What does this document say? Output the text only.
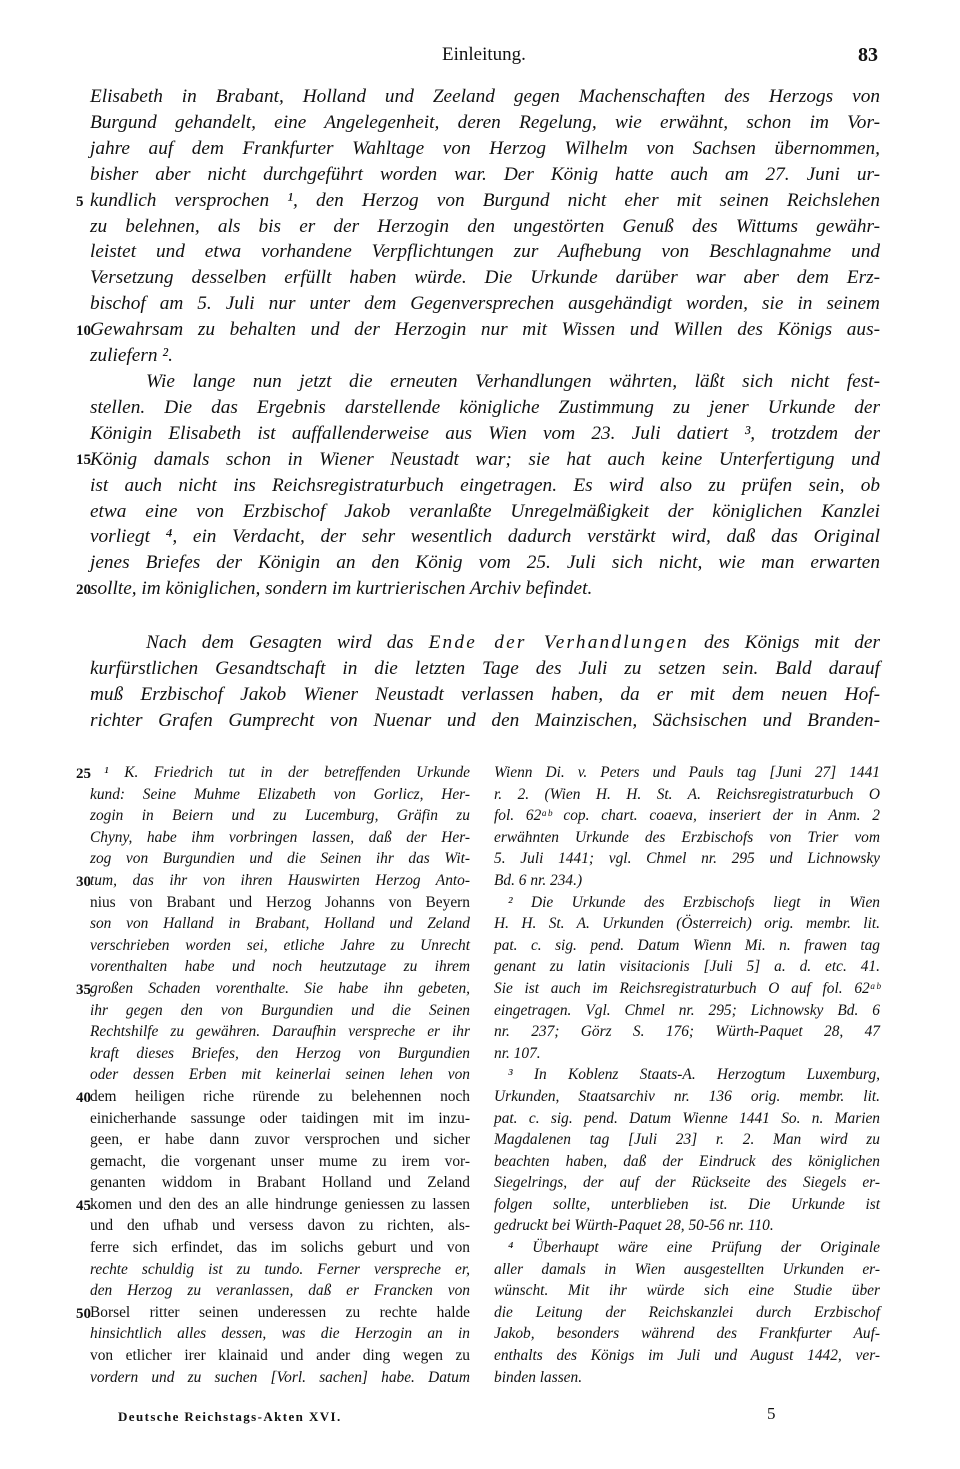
Einleitung.	83
5
10
15
20
Elisabeth in Brabant, Holland und Zeeland gegen Machenschaften des Herzogs von
Burgund gehandelt, eine Angelegenheit, deren Regelung, wie erwähnt, schon im Vor-
jahre auf dem Frankfurter Wahltage von Herzog Wilhelm von Sachsen übernommen,
bisher aber nicht durchgeführt worden war. Der König hatte auch am 27. Juni ur-
kundlich versprochen ¹, den Herzog von Burgund nicht eher mit seinen Reichslehen
zu belehnen, als bis er der Herzogin den ungestörten Genuß des Wittums gewähr-
leistet und etwa vorhandene Verpflichtungen zur Aufhebung von Beschlagnahme und
Versetzung desselben erfüllt haben würde. Die Urkunde darüber war aber dem Erz-
bischof am 5. Juli nur unter dem Gegenversprechen ausgehändigt worden, sie in seinem
Gewahrsam zu behalten und der Herzogin nur mit Wissen und Willen des Königs aus-
zuliefern ².
Wie lange nun jetzt die erneuten Verhandlungen währten, läßt sich nicht fest-
stellen. Die das Ergebnis darstellende königliche Zustimmung zu jener Urkunde der
Königin Elisabeth ist auffallenderweise aus Wien vom 23. Juli datiert ³, trotzdem der
König damals schon in Wiener Neustadt war; sie hat auch keine Unterfertigung und
ist auch nicht ins Reichsregistraturbuch eingetragen. Es wird also zu prüfen sein, ob
etwa eine von Erzbischof Jakob veranlaßte Unregelmäßigkeit der königlichen Kanzlei
vorliegt ⁴, ein Verdacht, der sehr wesentlich dadurch verstärkt wird, daß das Original
jenes Briefes der Königin an den König vom 25. Juli sich nicht, wie man erwarten
sollte, im königlichen, sondern im kurtrierischen Archiv befindet.
Nach dem Gesagten wird das Ende der Verhandlungen des Königs mit der
kurfürstlichen Gesandtschaft in die letzten Tage des Juli zu setzen sein. Bald darauf
muß Erzbischof Jakob Wiener Neustadt verlassen haben, da er mit dem neuen Hof-
richter Grafen Gumprecht von Nuenar und den Mainzischen, Sächsischen und Branden-
25
30
35
40
45
50
¹ K. Friedrich tut in der betreffenden Urkunde
kund: Seine Muhme Elizabeth von Gorlicz, Her-
zogin in Beiern und zu Lucemburg, Gräfin zu
Chyny, habe ihm vorbringen lassen, daß der Her-
zog von Burgundien und die Seinen ihr das Wit-
tum, das ihr von ihren Hauswirten Herzog Anto-
nius von Brabant und Herzog Johanns von Beyern
son von Halland in Brabant, Holland und Zeland
verschrieben worden sei, etliche Jahre zu Unrecht
vorenthalten habe und noch heutzutage zu ihrem
großen Schaden vorenthalte. Sie habe ihn gebeten,
ihr gegen den von Burgundien und die Seinen
Rechtshilfe zu gewähren. Daraufhin verspreche er ihr
kraft dieses Briefes, den Herzog von Burgundien
oder dessen Erben mit keinerlai seinen lehen von
dem heiligen riche rürende zu belehennen noch
einicherhande sassunge oder taidingen mit im inzu-
geen, er habe dann zuvor versprochen und sicher
gemacht, die vorgenant unser mume zu irem vor-
genanten widdom in Brabant Holland und Zeland
komen und den des an alle hindrunge geniessen zu lassen
und den ufhab und versess davon zu richten, als-
ferre sich erfindet, das im solichs geburt und von
rechte schuldig ist zu tundo. Ferner verspreche er,
den Herzog zu veranlassen, daß er Francken von
Borsel ritter seinen underessen zu rechte halde
hinsichtlich alles dessen, was die Herzogin an in
von etlicher irer klainaid und ander ding wegen zu
vordern und zu suchen [Vorl. sachen] habe. Datum
Wienn Di. v. Peters und Pauls tag [Juni 27] 1441
r. 2. (Wien H. H. St. A. Reichsregistraturbuch O
fol. 62ᵃᵇ cop. chart. coaeva, inseriert der in Anm. 2
erwähnten Urkunde des Erzbischofs von Trier vom
5. Juli 1441; vgl. Chmel nr. 295 und Lichnowsky
Bd. 6 nr. 234.)
² Die Urkunde des Erzbischofs liegt in Wien
H. H. St. A. Urkunden (Österreich) orig. membr. lit.
pat. c. sig. pend. Datum Wienn Mi. n. frawen tag
genant zu latin visitacionis [Juli 5] a. d. etc. 41.
Sie ist auch im Reichsregistraturbuch O auf fol. 62ᵃᵇ
eingetragen. Vgl. Chmel nr. 295; Lichnowsky Bd. 6
nr. 237; Görz S. 176; Würth-Paquet 28, 47
nr. 107.
³ In Koblenz Staats-A. Herzogtum Luxemburg,
Urkunden, Staatsarchiv nr. 136 orig. membr. lit.
pat. c. sig. pend. Datum Wienne 1441 So. n. Marien
Magdalenen tag [Juli 23] r. 2. Man wird zu
beachten haben, daß der Eindruck des königlichen
Siegelrings, der auf der Rückseite des Siegels er-
folgen sollte, unterblieben ist. Die Urkunde ist
gedruckt bei Würth-Paquet 28, 50-56 nr. 110.
⁴ Überhaupt wäre eine Prüfung der Originale
aller damals in Wien ausgestellten Urkunden er-
wünscht. Mit ihr würde sich eine Studie über
die Leitung der Reichskanzlei durch Erzbischof
Jakob, besonders während des Frankfurter Auf-
enthalts des Königs im Juli und August 1442, ver-
binden lassen.
Deutsche Reichstags-Akten XVI.	5
